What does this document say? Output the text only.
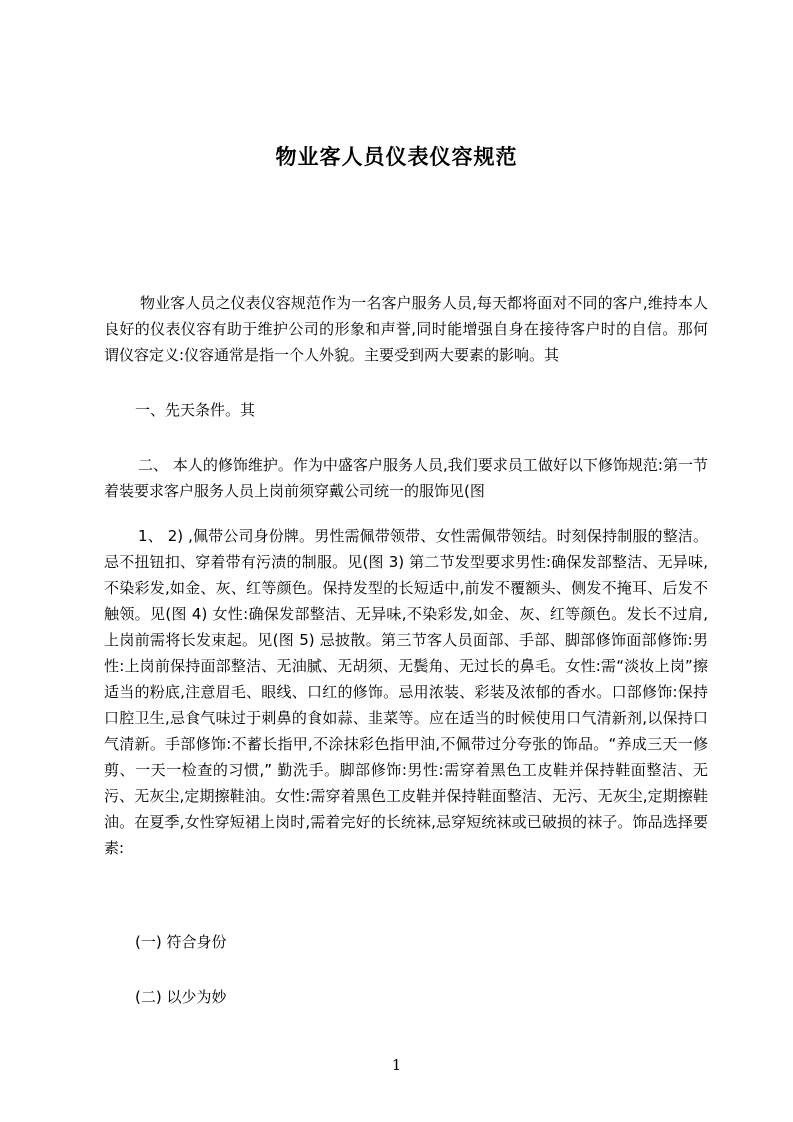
物业客人员仪表仪容规范

物业客人员之仪表仪容规范作为一名客户服务人员,每天都将面对不同的客户,维持本人良好的仪表仪容有助于维护公司的形象和声誉,同时能增强自身在接待客户时的自信。那何谓仪容定义:仪容通常是指一个人外貌。主要受到两大要素的影响。其

一、先天条件。其

二、 本人的修饰维护。作为中盛客户服务人员,我们要求员工做好以下修饰规范:第一节着装要求客户服务人员上岗前须穿戴公司统一的服饰见(图

1、 2) ,佩带公司身份牌。男性需佩带领带、女性需佩带领结。时刻保持制服的整洁。忌不扭钮扣、穿着带有污渍的制服。见(图 3) 第二节发型要求男性:确保发部整洁、无异味,不染彩发,如金、灰、红等颜色。保持发型的长短适中,前发不覆额头、侧发不掩耳、后发不触领。见(图 4) 女性:确保发部整洁、无异味,不染彩发,如金、灰、红等颜色。发长不过肩,上岗前需将长发束起。见(图 5) 忌披散。第三节客人员面部、手部、脚部修饰面部修饰:男性:上岗前保持面部整洁、无油腻、无胡须、无鬓角、无过长的鼻毛。女性:需“淡妆上岗”擦适当的粉底,注意眉毛、眼线、口红的修饰。忌用浓装、彩装及浓郁的香水。口部修饰:保持口腔卫生,忌食气味过于刺鼻的食如蒜、韭菜等。应在适当的时候使用口气清新剂,以保持口气清新。手部修饰:不蓄长指甲,不涂抹彩色指甲油,不佩带过分夸张的饰品。“养成三天一修剪、一天一检查的习惯,” 勤洗手。脚部修饰:男性:需穿着黑色工皮鞋并保持鞋面整洁、无污、无灰尘,定期擦鞋油。女性:需穿着黑色工皮鞋并保持鞋面整洁、无污、无灰尘,定期擦鞋油。在夏季,女性穿短裙上岗时,需着完好的长统袜,忌穿短统袜或已破损的袜子。饰品选择要素:

(一) 符合身份

(二) 以少为妙

1
